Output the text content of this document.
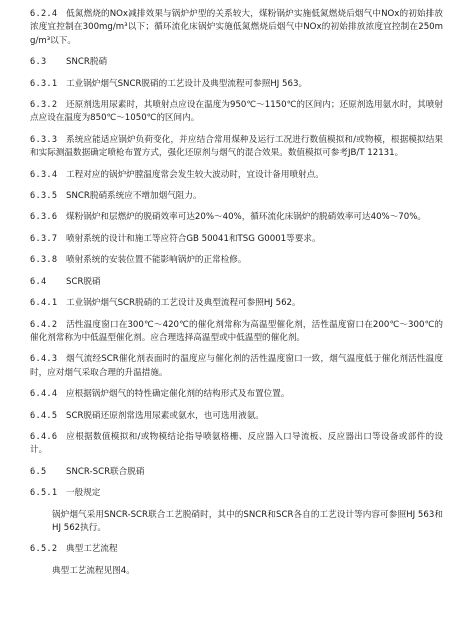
6.2.4 低氮燃烧的NOx减排效果与锅炉炉型的关系较大，煤粉锅炉实施低氮燃烧后烟气中NOx的初始排放浓度宜控制在300mg/m³以下；循环流化床锅炉实施低氮燃烧后烟气中NOx的初始排放浓度宜控制在250mg/m³以下。
6.3 SNCR脱硝
6.3.1 工业锅炉烟气SNCR脱硝的工艺设计及典型流程可参照HJ 563。
6.3.2 还原剂选用尿素时，其喷射点应设在温度为950℃～1150℃的区间内；还原剂选用氨水时，其喷射点应设在温度为850℃～1050℃的区间内。
6.3.3 系统应能适应锅炉负荷变化，并应结合常用煤种及运行工况进行数值模拟和/或物模，根据模拟结果和实际测温数据确定喷枪布置方式，强化还原剂与烟气的混合效果。数值模拟可参考JB/T 12131。
6.3.4 工程对应的锅炉炉膛温度常会发生较大波动时，宜设计备用喷射点。
6.3.5 SNCR脱硝系统应不增加烟气阻力。
6.3.6 煤粉锅炉和层燃炉的脱硝效率可达20%～40%，循环流化床锅炉的脱硝效率可达40%～70%。
6.3.7 喷射系统的设计和施工等应符合GB 50041和TSG G0001等要求。
6.3.8 喷射系统的安装位置不能影响锅炉的正常检修。
6.4 SCR脱硝
6.4.1 工业锅炉烟气SCR脱硝的工艺设计及典型流程可参照HJ 562。
6.4.2 活性温度窗口在300℃～420℃的催化剂常称为高温型催化剂，活性温度窗口在200℃～300℃的催化剂常称为中低温型催化剂。应合理选择高温型或中低温型的催化剂。
6.4.3 烟气流经SCR催化剂表面时的温度应与催化剂的活性温度窗口一致，烟气温度低于催化剂活性温度时，应对烟气采取合理的升温措施。
6.4.4 应根据锅炉烟气的特性确定催化剂的结构形式及布置位置。
6.4.5 SCR脱硝还原剂常选用尿素或氨水，也可选用液氨。
6.4.6 应根据数值模拟和/或物模结论指导喷氨格栅、反应器入口导流板、反应器出口等设备或部件的设计。
6.5 SNCR-SCR联合脱硝
6.5.1 一般规定
锅炉烟气采用SNCR-SCR联合工艺脱硝时，其中的SNCR和SCR各自的工艺设计等内容可参照HJ 563和HJ 562执行。
6.5.2 典型工艺流程
典型工艺流程见图4。
